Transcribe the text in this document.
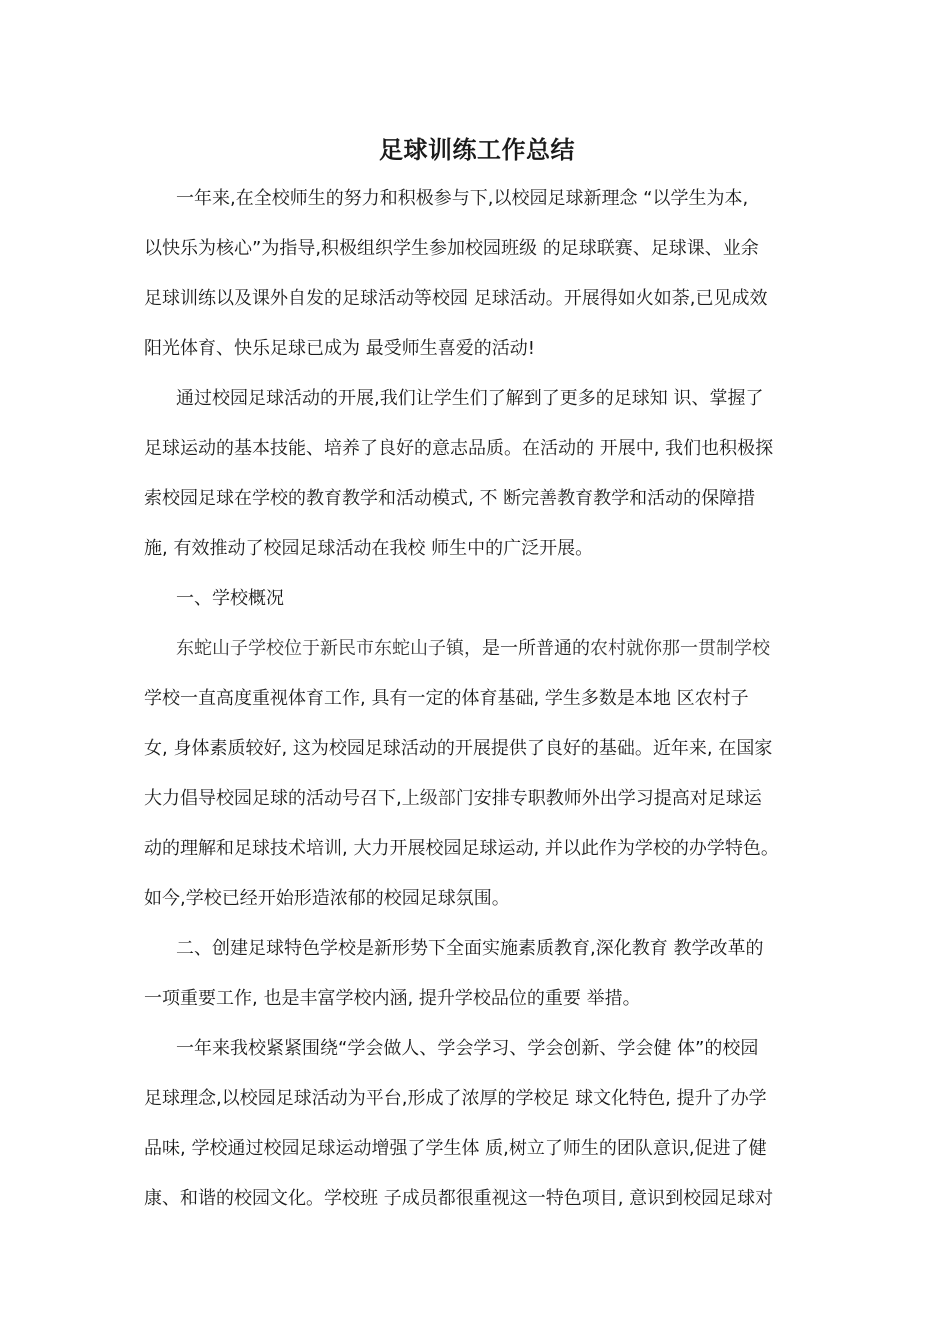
足球训练工作总结
一年来,在全校师生的努力和积极参与下,以校园足球新理念 “以学生为本,
以快乐为核心”为指导,积极组织学生参加校园班级 的足球联赛、足球课、业余
足球训练以及课外自发的足球活动等校园 足球活动。开展得如火如荼,已见成效
阳光体育、快乐足球已成为 最受师生喜爱的活动!
通过校园足球活动的开展,我们让学生们了解到了更多的足球知 识、掌握了
足球运动的基本技能、培养了良好的意志品质。在活动的 开展中, 我们也积极探
索校园足球在学校的教育教学和活动模式, 不 断完善教育教学和活动的保障措
施, 有效推动了校园足球活动在我校 师生中的广泛开展。
一、学校概况
东蛇山子学校位于新民市东蛇山子镇，是一所普通的农村就你那一贯制学校
学校一直高度重视体育工作, 具有一定的体育基础, 学生多数是本地 区农村子
女, 身体素质较好, 这为校园足球活动的开展提供了良好的基础。近年来, 在国家
大力倡导校园足球的活动号召下,上级部门安排专职教师外出学习提高对足球运
动的理解和足球技术培训, 大力开展校园足球运动, 并以此作为学校的办学特色。
如今,学校已经开始形造浓郁的校园足球氛围。
二、创建足球特色学校是新形势下全面实施素质教育,深化教育 教学改革的
一项重要工作, 也是丰富学校内涵, 提升学校品位的重要 举措。
一年来我校紧紧围绕“学会做人、学会学习、学会创新、学会健 体”的校园
足球理念,以校园足球活动为平台,形成了浓厚的学校足 球文化特色, 提升了办学
品味, 学校通过校园足球运动增强了学生体 质,树立了师生的团队意识,促进了健
康、和谐的校园文化。学校班 子成员都很重视这一特色项目, 意识到校园足球对
